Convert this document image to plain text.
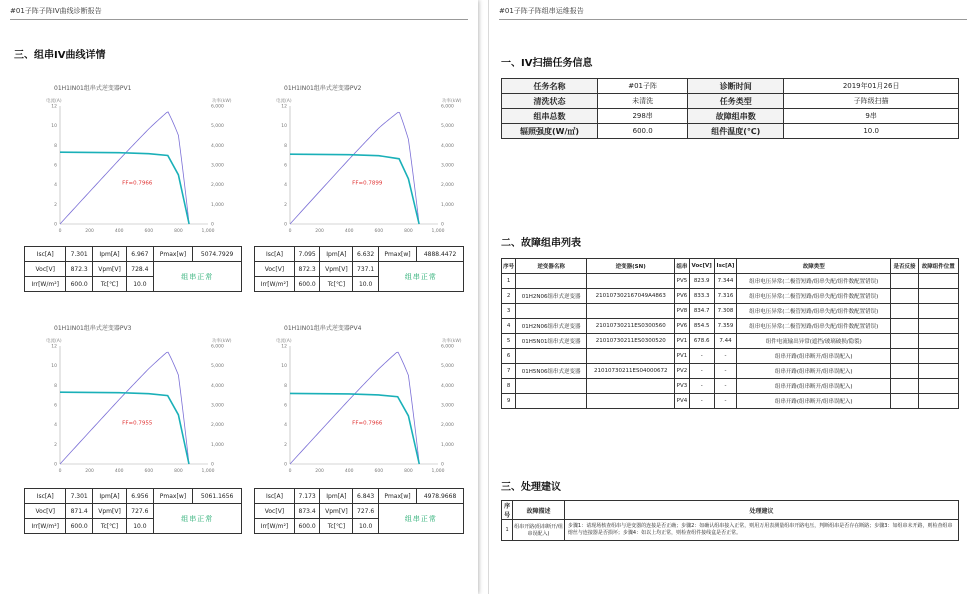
#01子阵子阵IV曲线诊断报告
三、组串IV曲线详情
01H1IN01组串式逆变器PV1
电流(A)	功率(kW)
0	200	400	600	800	1,000
0
2
4
6
8
10
12
0
1,000
2,000
3,000
4,000
5,000
6,000
FF=0.7966
01H1IN01组串式逆变器PV2
电流(A)	功率(kW)
0	200	400	600	800	1,000
0
2
4
6
8
10
12
0
1,000
2,000
3,000
4,000
5,000
6,000
FF=0.7899
01H1IN01组串式逆变器PV3
电流(A)	功率(kW)
0	200	400	600	800	1,000
0
2
4
6
8
10
12
0
1,000
2,000
3,000
4,000
5,000
6,000
FF=0.7955
01H1IN01组串式逆变器PV4
电流(A)	功率(kW)
0	200	400	600	800	1,000
0
2
4
6
8
10
12
0
1,000
2,000
3,000
4,000
5,000
6,000
FF=0.7966
Isc[A]	7.301	Ipm[A]	6.967	Pmax[w]	5074.7929
Voc[V]	872.3	Vpm[V]	728.4	组串正常	
Irr[W/m²]	600.0	Tc[℃]	10.0		
Isc[A]	7.095	Ipm[A]	6.632	Pmax[w]	4888.4472
Voc[V]	872.3	Vpm[V]	737.1	组串正常	
Irr[W/m²]	600.0	Tc[℃]	10.0		
Isc[A]	7.301	Ipm[A]	6.956	Pmax[w]	5061.1656
Voc[V]	871.4	Vpm[V]	727.6	组串正常	
Irr[W/m²]	600.0	Tc[℃]	10.0		
Isc[A]	7.173	Ipm[A]	6.843	Pmax[w]	4978.9668
Voc[V]	873.4	Vpm[V]	727.6	组串正常	
Irr[W/m²]	600.0	Tc[℃]	10.0		
#01子阵子阵组串运维报告
一、IV扫描任务信息
任务名称	#01子阵	诊断时间	2019年01月26日
清洗状态	未清洗	任务类型	子阵级扫描
组串总数	298串	故障组串数	9串
辐照强度(W/㎡)	600.0	组件温度(℃)	10.0
二、故障组串列表
序号	逆变器名称	逆变器(SN)	组串	Voc[V]	Isc[A]	故障类型	是否反接	故障组件位置
1			PV5	823.9	7.344	组串电压异常(二极管短路/组串失配/组件数配置错误)		
2	01H2N06组串式逆变器	210107302167049A4863	PV6	833.3	7.316	组串电压异常(二极管短路/组串失配/组件数配置错误)		
3			PV8	834.7	7.308	组串电压异常(二极管短路/组串失配/组件数配置错误)		
4	01H2N06组串式逆变器	21010730211ES0300560	PV6	854.5	7.359	组串电压异常(二极管短路/组串失配/组件数配置错误)		
5	01H5N01组串式逆变器	21010730211ES0300520	PV1	678.6	7.44	组件电流输出异常(遮挡/玻璃破损/隐裂)		
6			PV1	-	-	组串开路(组串断开/组串误配入)		
7	01H5N06组串式逆变器	21010730211ES04000672	PV2	-	-	组串开路(组串断开/组串误配入)		
8			PV3	-	-	组串开路(组串断开/组串误配入)		
9			PV4	-	-	组串开路(组串断开/组串误配入)		
三、处理建议
序号	故障描述	处理建议
1	组串开路(组串断开/组串误配入)	步骤1：请现场核查组串与逆变器的连接是否正确；步骤2：如确认组串接入正常，则用万用表测量组串开路电压，判断组串是否存在断路；步骤3：如组串未开路，则检查组串熔丝与连接器是否损坏；步骤4：如以上均正常，则检查组件接线盒是否正常。
